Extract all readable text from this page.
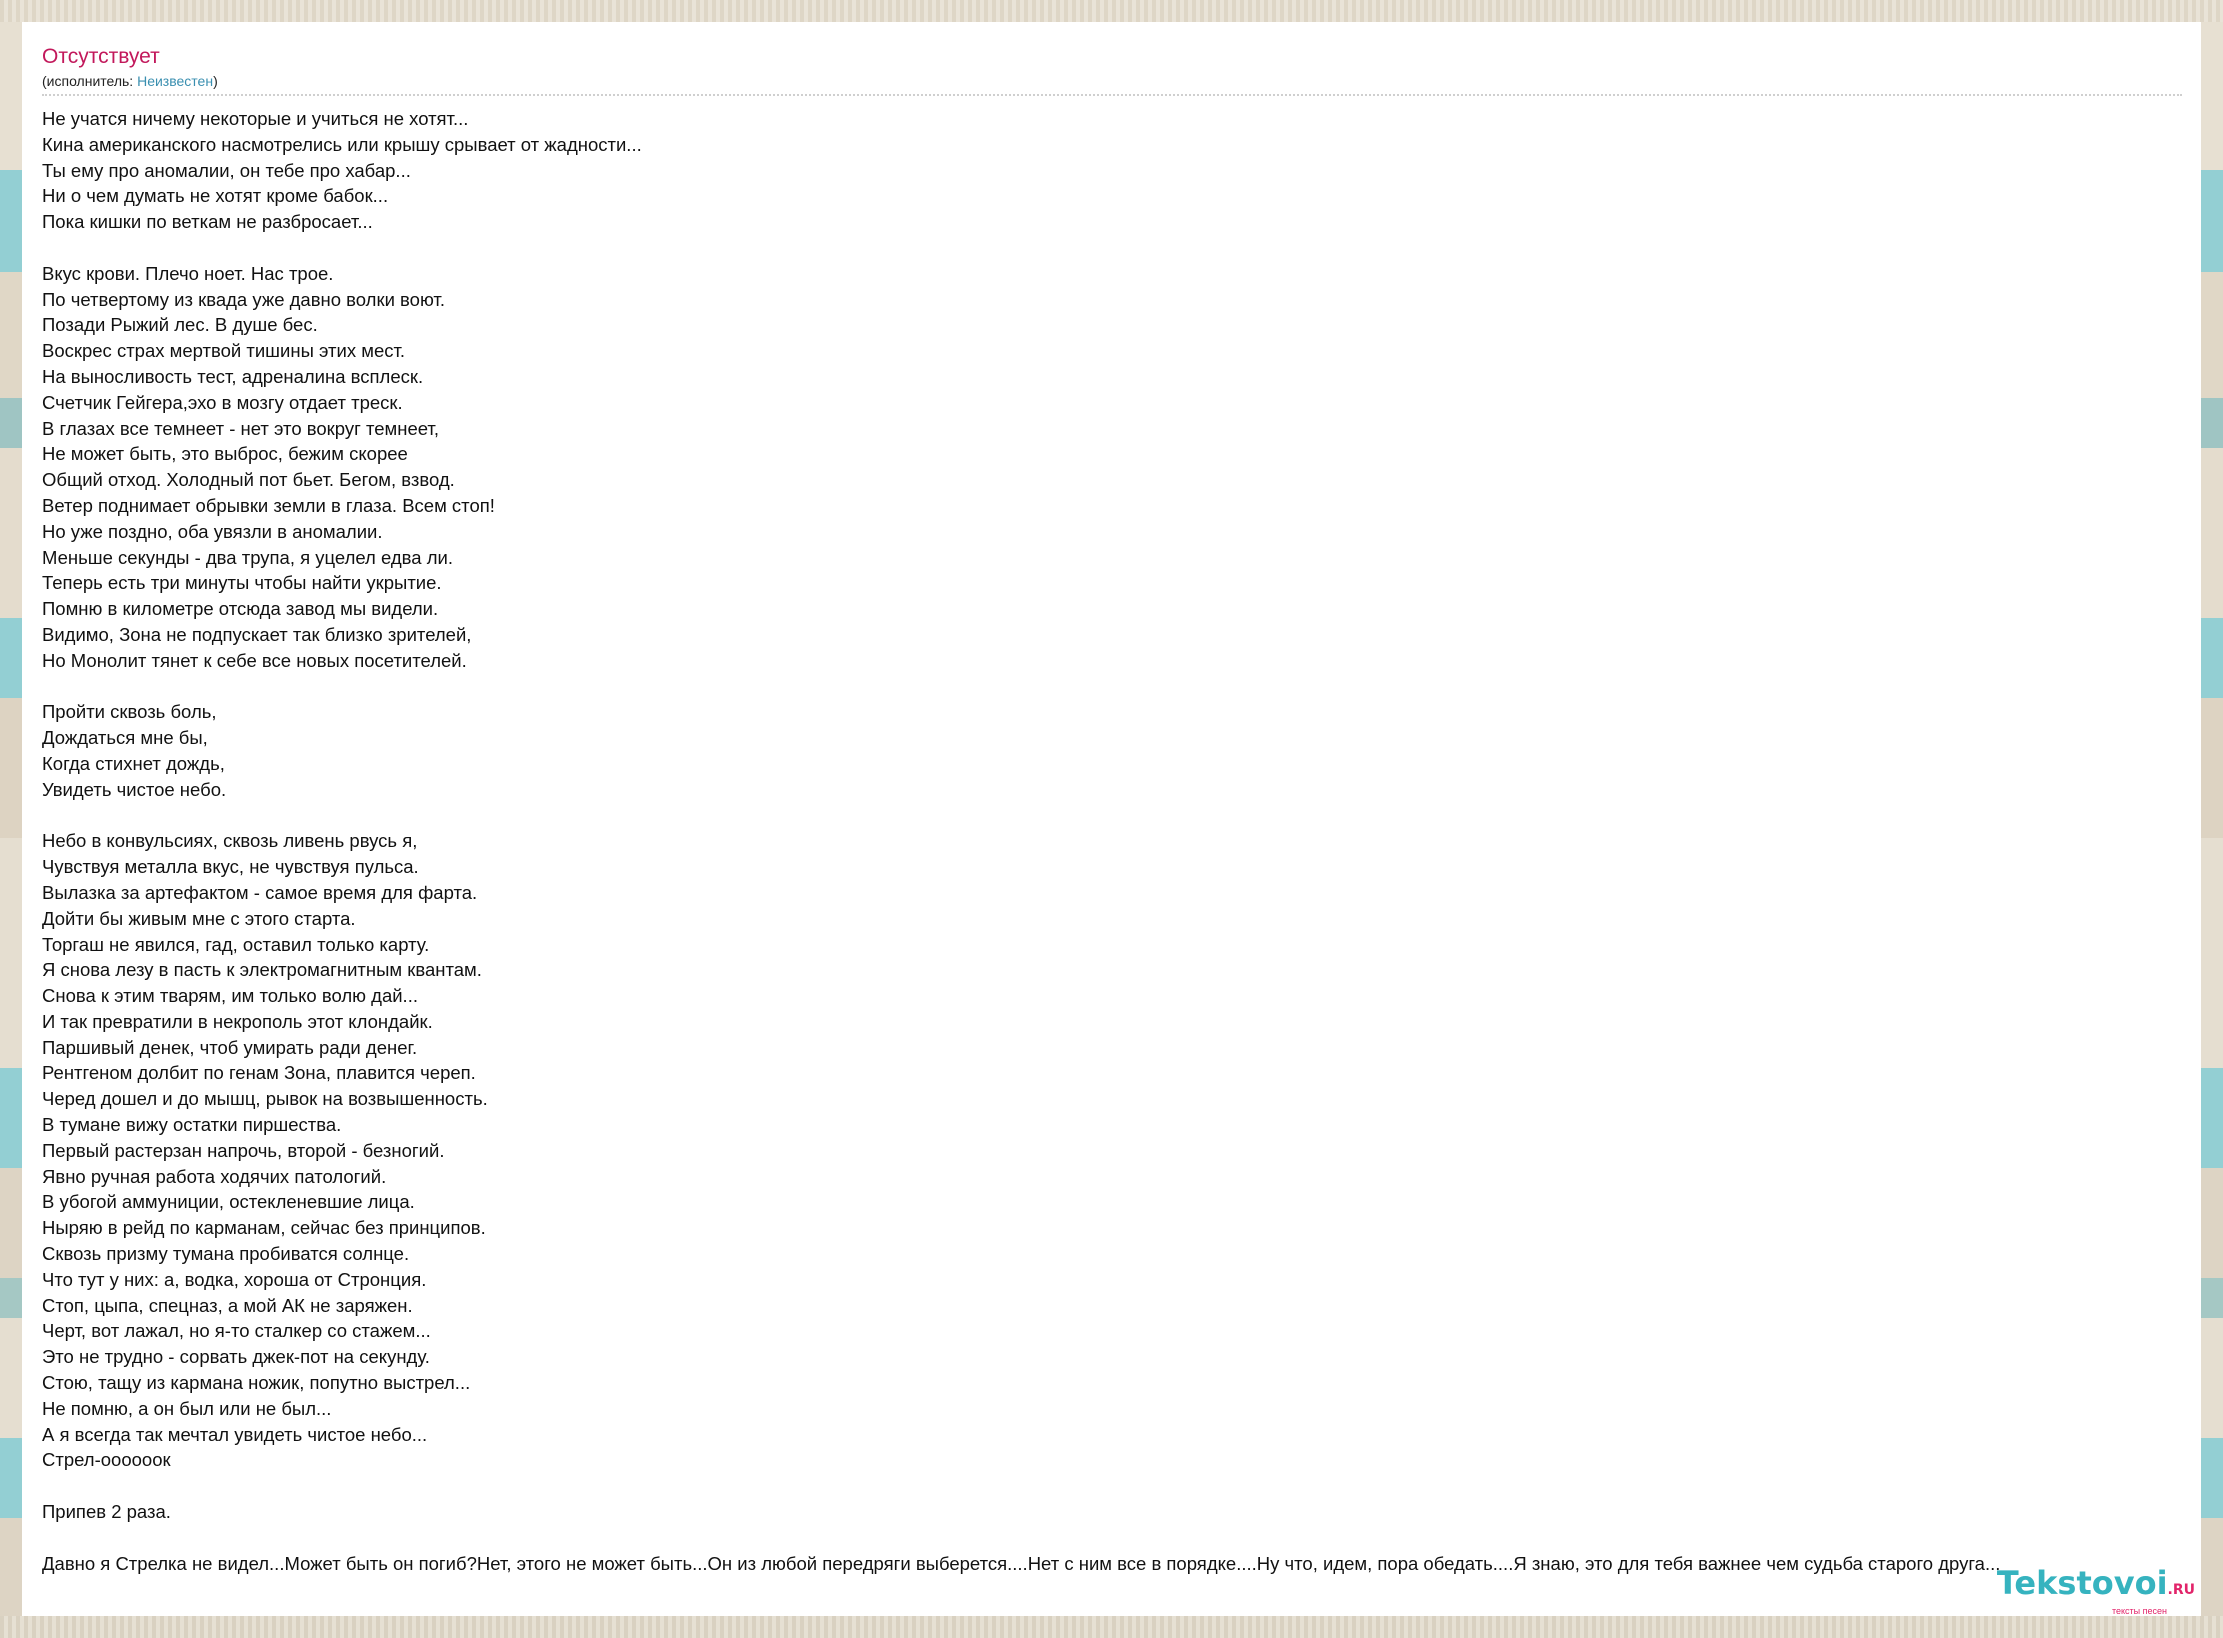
Отсутствует
(исполнитель: Неизвестен)
Не учатся ничему некоторые и учиться не хотят...
Кина американского насмотрелись или крышу срывает от жадности...
Ты ему про аномалии, он тебе про хабар...
Ни о чем думать не хотят кроме бабок...
Пока кишки по веткам не разбросает...
Вкус крови. Плечо ноет. Нас трое.
По четвертому из квада уже давно волки воют.
Позади Рыжий лес. В душе бес.
Воскрес страх мертвой тишины этих мест.
На выносливость тест, адреналина всплеск.
Счетчик Гейгера,эхо в мозгу отдает треск.
В глазах все темнеет - нет это вокруг темнеет,
Не может быть, это выброс, бежим скорее
Общий отход. Холодный пот бьет. Бегом, взвод.
Ветер поднимает обрывки земли в глаза. Всем стоп!
Но уже поздно, оба увязли в аномалии.
Меньше секунды - два трупа, я уцелел едва ли.
Теперь есть три минуты чтобы найти укрытие.
Помню в километре отсюда завод мы видели.
Видимо, Зона не подпускает так близко зрителей,
Но Монолит тянет к себе все новых посетителей.
Пройти сквозь боль,
Дождаться мне бы,
Когда стихнет дождь,
Увидеть чистое небо.
Небо в конвульсиях, сквозь ливень рвусь я,
Чувствуя металла вкус, не чувствуя пульса.
Вылазка за артефактом - самое время для фарта.
Дойти бы живым мне с этого старта.
Торгаш не явился, гад, оставил только карту.
Я снова лезу в пасть к электромагнитным квантам.
Снова к этим тварям, им только волю дай...
И так превратили в некрополь этот клондайк.
Паршивый денек, чтоб умирать ради денег.
Рентгеном долбит по генам Зона, плавится череп.
Черед дошел и до мышц, рывок на возвышенность.
В тумане вижу остатки пиршества.
Первый растерзан напрочь, второй - безногий.
Явно ручная работа ходячих патологий.
В убогой аммуниции, остекленевшие лица.
Ныряю в рейд по карманам, сейчас без принципов.
Сквозь призму тумана пробиватся солнце.
Что тут у них: а, водка, хороша от Стронция.
Стоп, цыпа, спецназ, а мой АК не заряжен.
Черт, вот лажал, но я-то сталкер со стажем...
Это не трудно - сорвать джек-пот на секунду.
Стою, тащу из кармана ножик, попутно выстрел...
Не помню, а он был или не был...
А я всегда так мечтал увидеть чистое небо...
Стрел-ооооoок
Припев 2 раза.
Давно я Стрелка не видел...Может быть он погиб?Нет, этого не может быть...Он из любой передряги выберется....Нет с ним все в порядке....Ну что, идем, пора обедать....Я знаю, это для тебя важнее чем судьба старого друга...
Tekstovoi.RU
тексты песен
